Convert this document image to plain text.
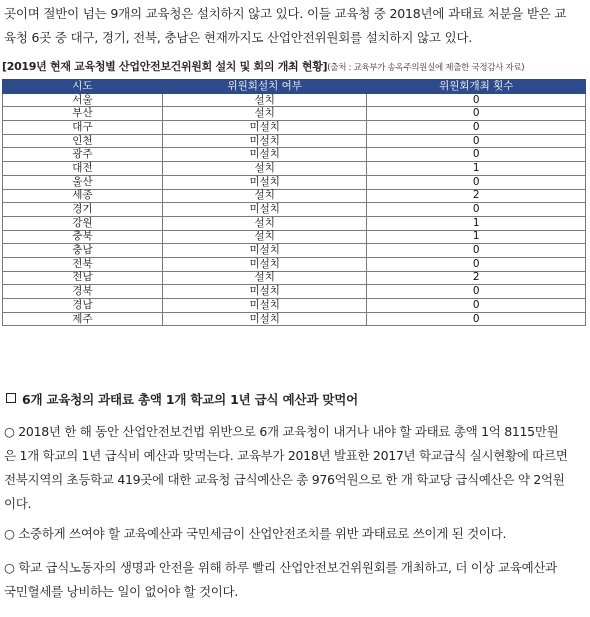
곳이며 절반이 넘는 9개의 교육청은 설치하지 않고 있다. 이들 교육청 중 2018년에 과태료 처분을 받은 교
육청 6곳 중 대구, 경기, 전북, 충남은 현재까지도 산업안전위원회를 설치하지 않고 있다.
[2019년 현재 교육청별 산업안전보건위원회 설치 및 회의 개최 현황](출처 : 교육부가 송옥주의원실에 제출한 국정감사 자료)
시도	위원회설치 여부	위원회개최 횟수
서울	설치	0
부산	설치	0
대구	미설치	0
인천	미설치	0
광주	미설치	0
대전	설치	1
울산	미설치	0
세종	설치	2
경기	미설치	0
강원	설치	1
충북	설치	1
충남	미설치	0
전북	미설치	0
전남	설치	2
경북	미설치	0
경남	미설치	0
제주	미설치	0
6개 교육청의 과태료 총액 1개 학교의 1년 급식 예산과 맞먹어
○ 2018년 한 해 동안 산업안전보건법 위반으로 6개 교육청이 내거나 내야 할 과태료 총액 1억 8115만원
은 1개 학교의 1년 급식비 예산과 맞먹는다. 교육부가 2018년 발표한 2017년 학교급식 실시현황에 따르면
전북지역의 초등학교 419곳에 대한 교육청 급식예산은 총 976억원으로 한 개 학교당 급식예산은 약 2억원
이다.
○ 소중하게 쓰여야 할 교육예산과 국민세금이 산업안전조치를 위반 과태료로 쓰이게 된 것이다.
○ 학교 급식노동자의 생명과 안전을 위해 하루 빨리 산업안전보건위원회를 개최하고, 더 이상 교육예산과
국민혈세를 낭비하는 일이 없어야 할 것이다.
